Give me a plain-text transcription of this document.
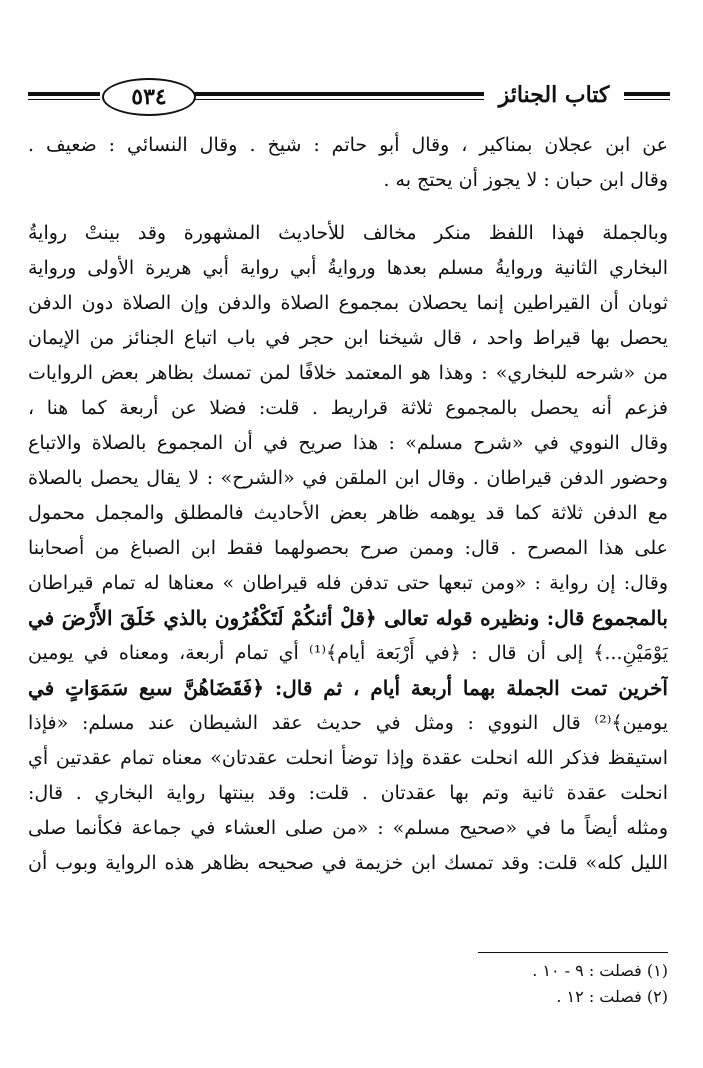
٥٣٤	كتاب الجنائز
عن ابن عجلان بمناكير ، وقال أبو حاتم : شيخ . وقال النسائي : ضعيف .
وقال ابن حبان : لا يجوز أن يحتج به .
وبالجملة فهذا اللفظ منكر مخالف للأحاديث المشهورة وقد بينتْ روايةُ
البخاري الثانية وروايةُ مسلم بعدها وروايةُ أبي رواية أبي هريرة الأولى ورواية
ثوبان أن القيراطين إنما يحصلان بمجموع الصلاة والدفن وإن الصلاة دون الدفن
يحصل بها قيراط واحد ، قال شيخنا ابن حجر في باب اتباع الجنائز من الإيمان
من «شرحه للبخاري» : وهذا هو المعتمد خلافًا لمن تمسك بظاهر بعض الروايات
فزعم أنه يحصل بالمجموع ثلاثة قراريط . قلت: فضلا عن أربعة كما هنا ،
وقال النووي في «شرح مسلم» : هذا صريح في أن المجموع بالصلاة والاتباع
وحضور الدفن قيراطان . وقال ابن الملقن في «الشرح» : لا يقال يحصل بالصلاة
مع الدفن ثلاثة كما قد يوهمه ظاهر بعض الأحاديث فالمطلق والمجمل محمول
على هذا المصرح . قال: وممن صرح بحصولهما فقط ابن الصباغ من أصحابنا
وقال: إن رواية : «ومن تبعها حتى تدفن فله قيراطان » معناها له تمام قيراطان
بالمجموع قال: ونظيره قوله تعالى ﴿قلْ أئنكُمْ لَتَكْفُرُون بالذي خَلَقَ الأَرْضَ في
يَوْمَيْنِ...﴾ إلى أن قال : ﴿في أَرْبَعة أيام﴾⁽¹⁾ أي تمام أربعة، ومعناه في يومين
آخرين تمت الجملة بهما أربعة أيام ، ثم قال: ﴿فَقَضَاهُنَّ سبع سَمَوَاتٍ في
يومين﴾⁽²⁾ قال النووي : ومثل في حديث عقد الشيطان عند مسلم: «فإذا
استيقظ فذكر الله انحلت عقدة وإذا توضأ انحلت عقدتان» معناه تمام عقدتين أي
انحلت عقدة ثانية وتم بها عقدتان . قلت: وقد بينتها رواية البخاري . قال:
ومثله أيضاً ما في «صحيح مسلم» : «من صلى العشاء في جماعة فكأنما صلى
الليل كله» قلت: وقد تمسك ابن خزيمة في صحيحه بظاهر هذه الرواية وبوب أن
(١) فصلت : ٩ - ١٠ .
(٢) فصلت : ١٢ .
